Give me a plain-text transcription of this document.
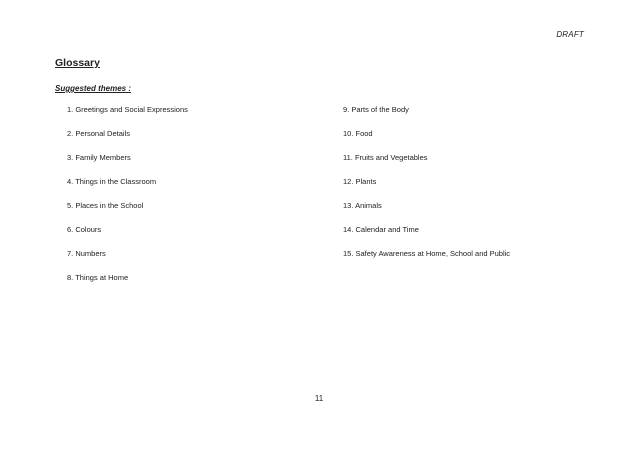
DRAFT
Glossary
Suggested themes :
1. Greetings and Social Expressions
2. Personal Details
3. Family Members
4. Things in the Classroom
5. Places in the School
6. Colours
7. Numbers
8. Things at Home
9. Parts of the Body
10. Food
11. Fruits and Vegetables
12. Plants
13. Animals
14. Calendar and Time
15. Safety Awareness at Home, School and Public
11
